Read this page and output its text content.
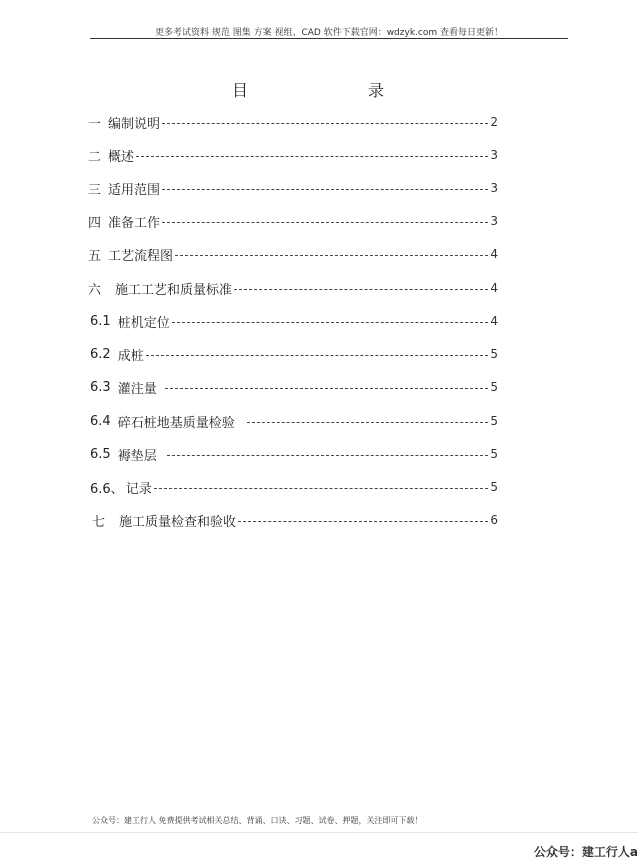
更多考试资料 规范 图集 方案 视组、CAD 软件下载官网：wdzyk.com 查看每日更新！
目	录
一 编制说明	2
二 概述	3
三 适用范围	3
四 准备工作	3
五 工艺流程图	4
六 施工工艺和质量标准	4
6.1 桩机定位	4
6.2 成桩	5
6.3 灌注量	5
6.4 碎石桩地基质量检验	5
6.5 褥垫层	5
6.6、 记录	5
七 施工质量检查和验收	6
公众号：建工行人 免费提供考试相关总结、背诵、口诀、习题、试卷、押题，关注即可下载！
公众号：建工行人a
